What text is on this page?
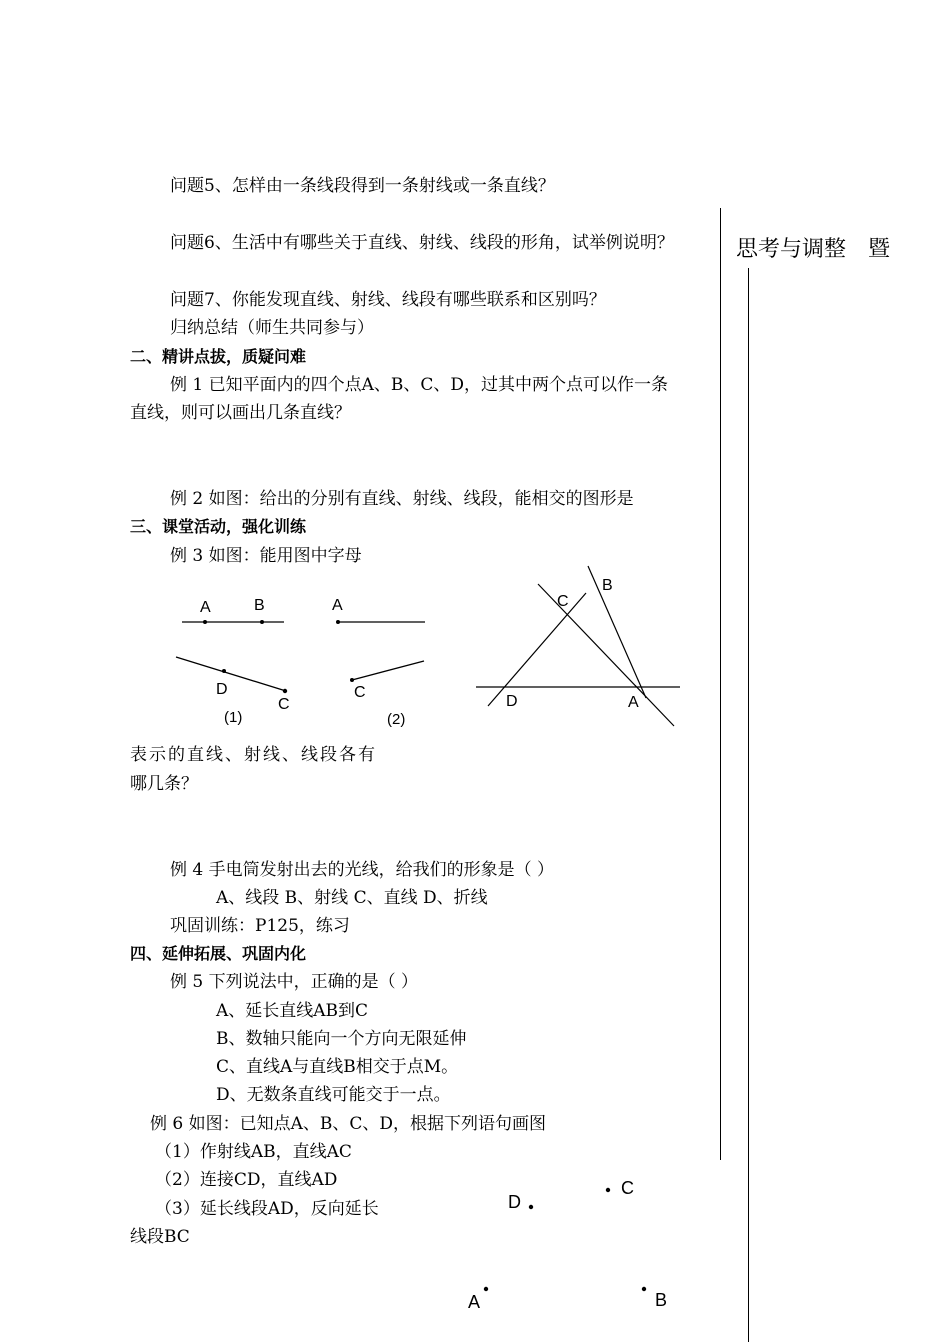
思考与调整 暨
问题5、怎样由一条线段得到一条射线或一条直线？
问题6、生活中有哪些关于直线、射线、线段的形角，试举例说明？
问题7、你能发现直线、射线、线段有哪些联系和区别吗？
归纳总结（师生共同参与）
二、精讲点拔，质疑问难
例 1 已知平面内的四个点A、B、C、D，过其中两个点可以作一条
直线，则可以画出几条直线？
例 2 如图：给出的分别有直线、射线、线段，能相交的图形是
三、课堂活动，强化训练
例 3 如图：能用图中字母
A	B	A
D
C
C
(1)	(2)
C
B
D	A
表示的直线、射线、线段各有
哪几条？
例 4 手电筒发射出去的光线，给我们的形象是（ ）
A、线段 B、射线 C、直线 D、折线
巩固训练：P125，练习
四、延伸拓展、巩固内化
例 5 下列说法中，正确的是（ ）
A、延长直线AB到C
B、数轴只能向一个方向无限延伸
C、直线A与直线B相交于点M。
D、无数条直线可能交于一点。
例 6 如图：已知点A、B、C、D，根据下列语句画图
（1）作射线AB，直线AC
（2）连接CD，直线AD
（3）延长线段AD，反向延长
线段BC
D
C
A	B
